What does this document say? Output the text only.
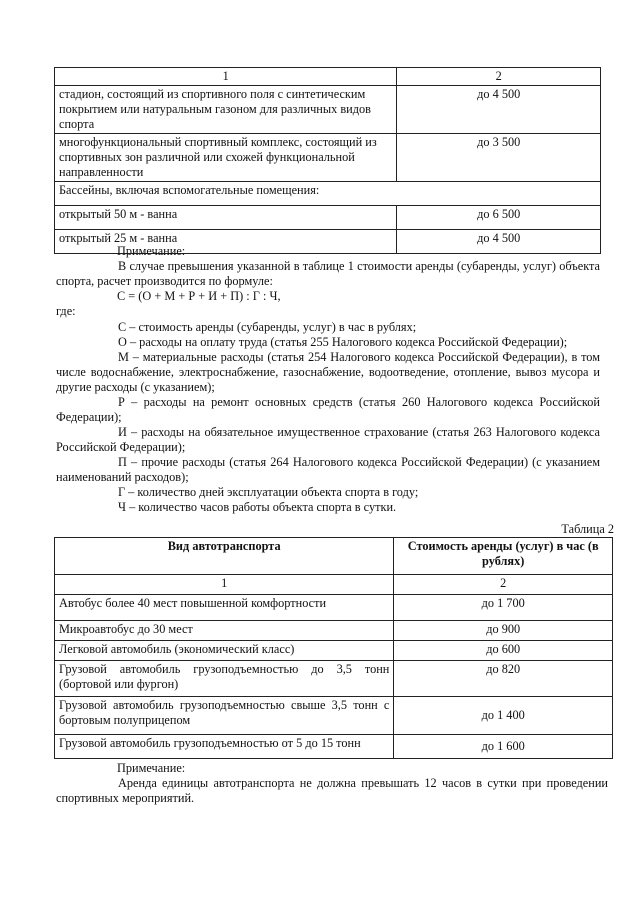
1	2
стадион, состоящий из спортивного поля с синтетическим покрытием или натуральным газоном для различных видов спорта	до 4 500
многофункциональный спортивный комплекс, состоящий из спортивных зон различной или схожей функциональной направленности	до 3 500
Бассейны, включая вспомогательные помещения:	
открытый 50 м - ванна	до 6 500
открытый 25 м - ванна	до 4 500

Примечание:

В случае превышения указанной в таблице 1 стоимости аренды (субаренды, услуг) объекта спорта, расчет производится по формуле:

С = (О + М + Р + И + П) : Г : Ч,

где:

С – стоимость аренды (субаренды, услуг) в час в рублях;

О – расходы на оплату труда (статья 255 Налогового кодекса Российской Федерации);

М – материальные расходы (статья 254 Налогового кодекса Российской Федерации), в том числе водоснабжение, электроснабжение, газоснабжение, водоотведение, отопление, вывоз мусора и другие расходы (с указанием);

Р – расходы на ремонт основных средств (статья 260 Налогового кодекса Российской Федерации);

И – расходы на обязательное имущественное страхование (статья 263 Налогового кодекса Российской Федерации);

П – прочие расходы (статья 264 Налогового кодекса Российской Федерации) (с указанием наименований расходов);

Г – количество дней эксплуатации объекта спорта в году;

Ч – количество часов работы объекта спорта в сутки.

Таблица 2

Вид автотранспорта	Стоимость аренды (услуг) в час (в рублях)
1	2
Автобус более 40 мест повышенной комфортности	до 1 700
Микроавтобус до 30 мест	до 900
Легковой автомобиль (экономический класс)	до 600
Грузовой автомобиль грузоподъемностью до 3,5 тонн (бортовой или фургон)	до 820
Грузовой автомобиль грузоподъемностью свыше 3,5 тонн с бортовым полуприцепом	до 1 400
Грузовой автомобиль грузоподъемностью от 5 до 15 тонн	до 1 600

Примечание:

Аренда единицы автотранспорта не должна превышать 12 часов в сутки при проведении спортивных мероприятий.
